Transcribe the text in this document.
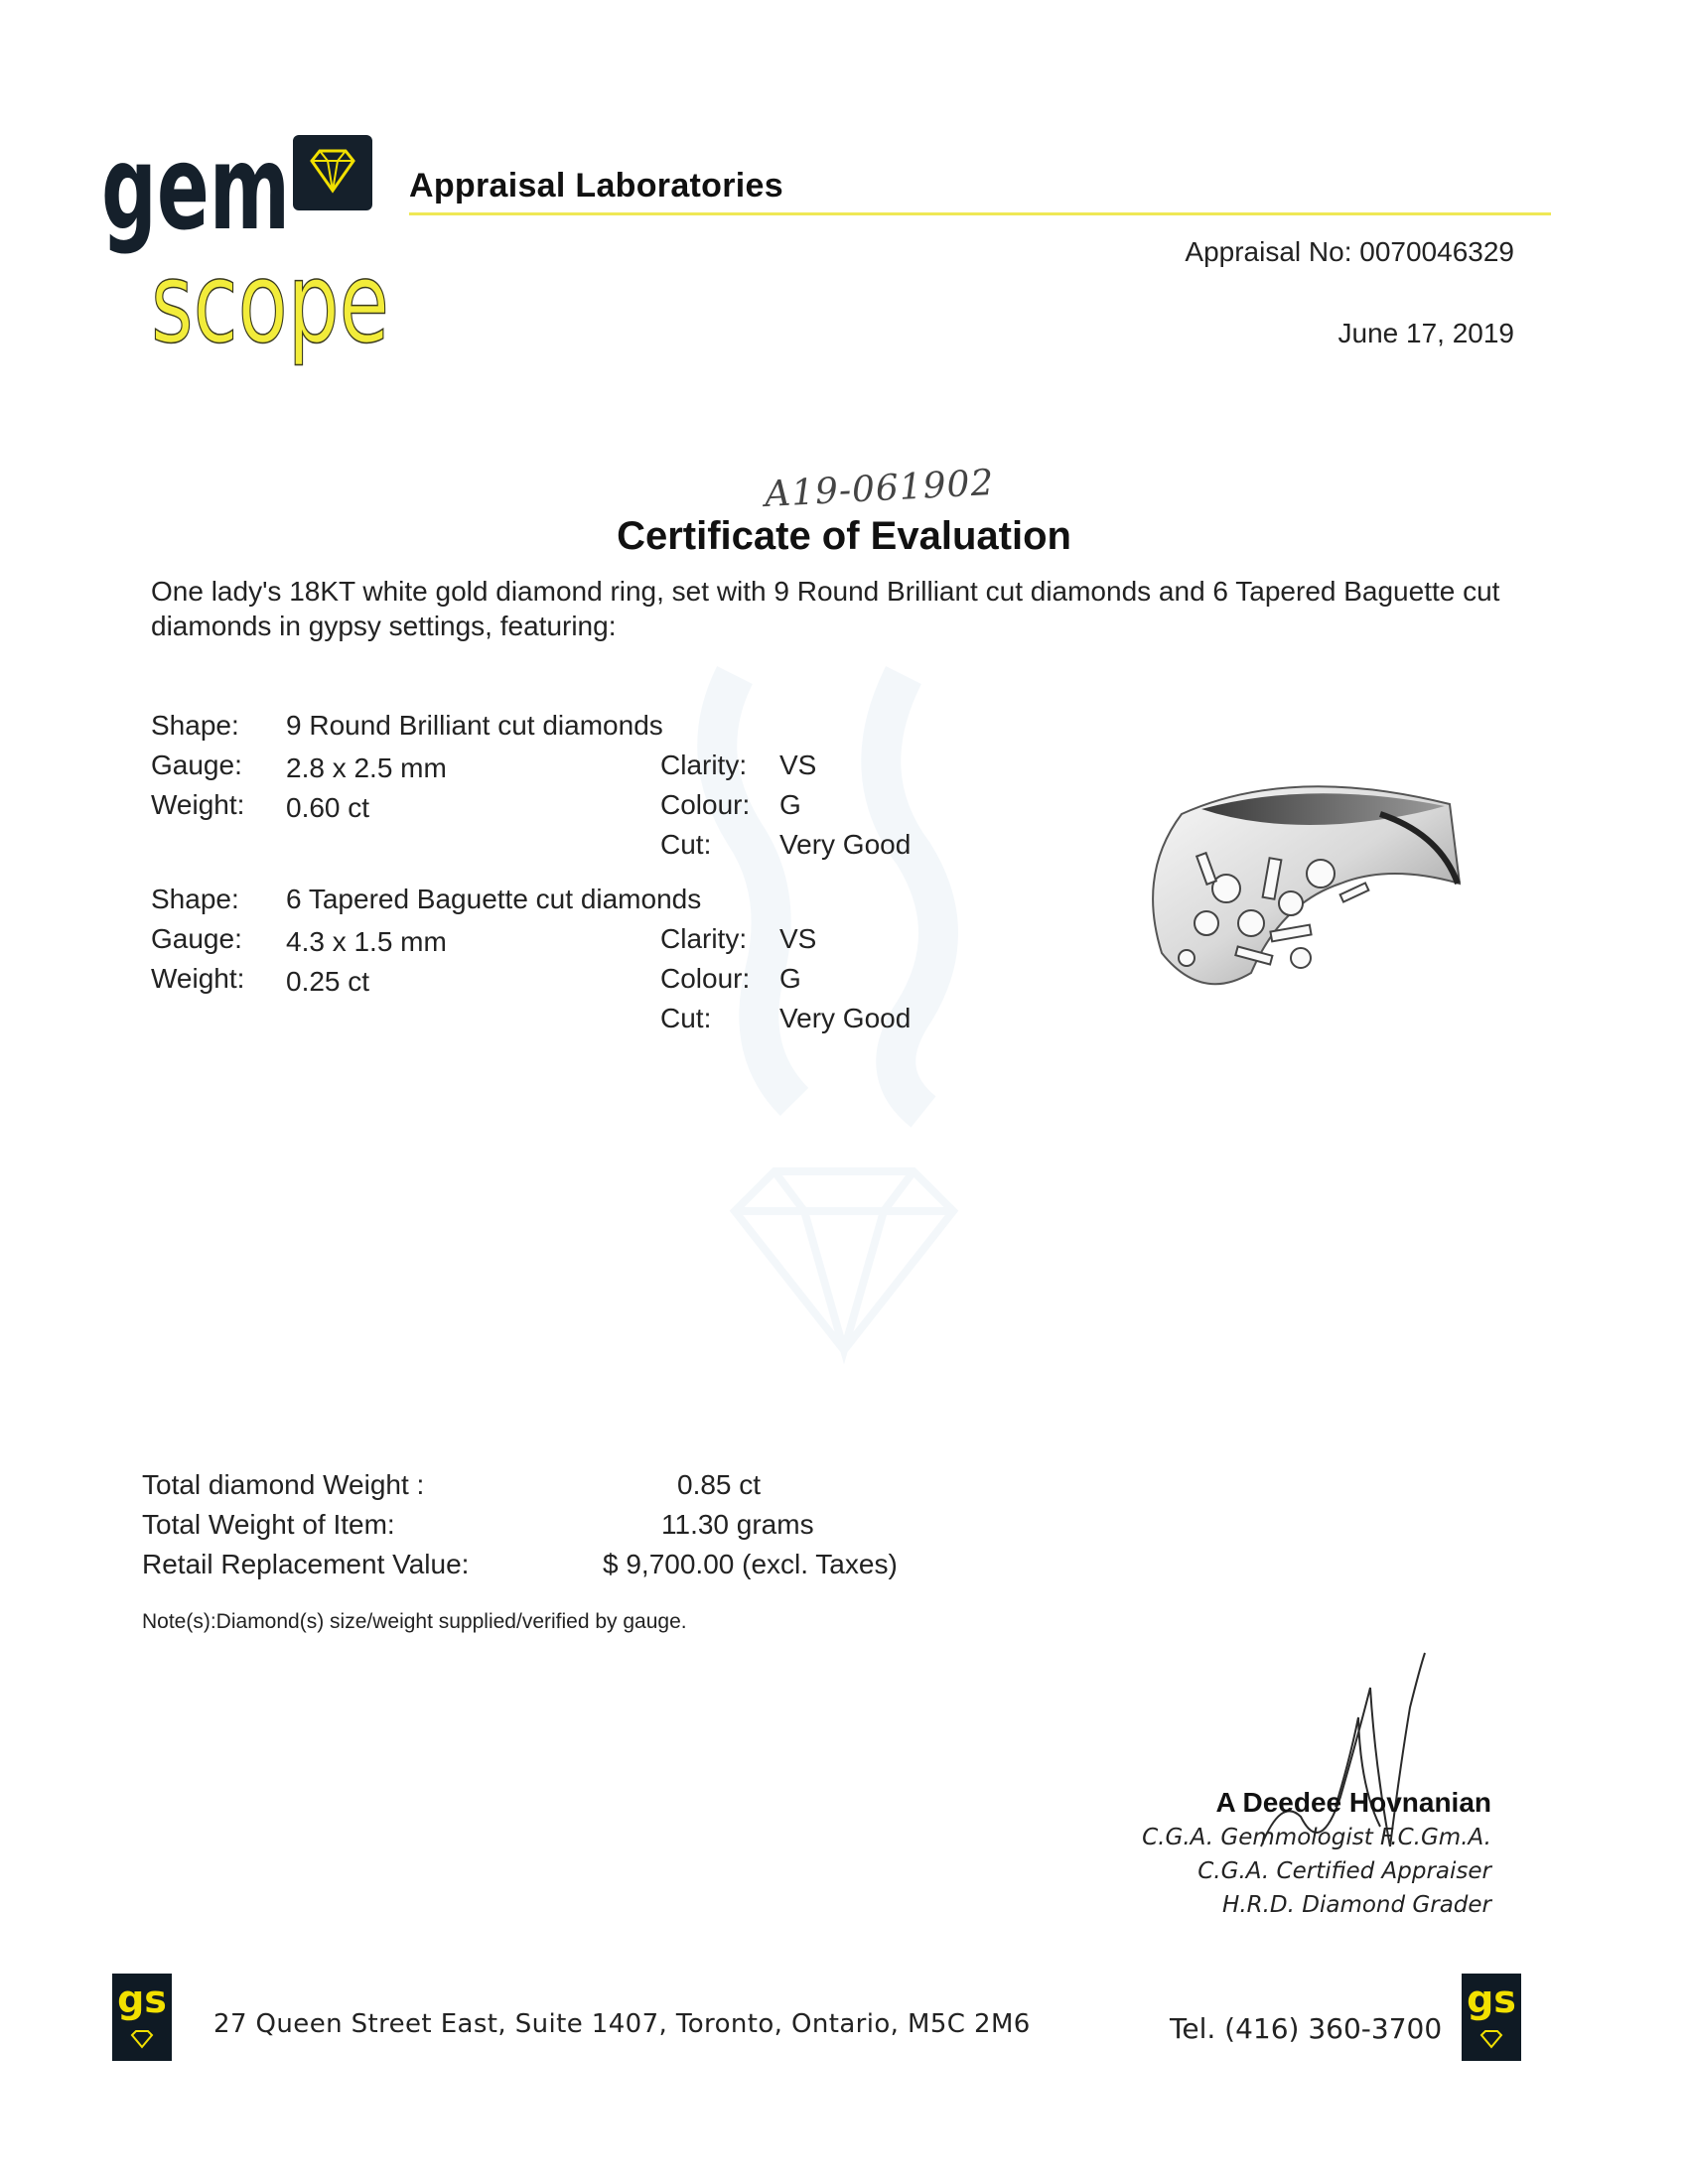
gem
scope
Appraisal Laboratories
Appraisal No: 0070046329
June 17, 2019
A19-061902
Certificate of Evaluation
One lady's 18KT white gold diamond ring, set with 9 Round Brilliant cut diamonds and 6 Tapered Baguette cut diamonds in gypsy settings, featuring:
Shape: 9 Round Brilliant cut diamonds
Gauge: 2.8 x 2.5 mm
Weight: 0.60 ct
Clarity: VS
Colour: G
Cut: Very Good
Shape: 6 Tapered Baguette cut diamonds
Gauge: 4.3 x 1.5 mm
Weight: 0.25 ct
Clarity: VS
Colour: G
Cut: Very Good
Total diamond Weight :	0.85 ct
Total Weight of Item:	11.30 grams
Retail Replacement Value:	$ 9,700.00 (excl. Taxes)
Note(s):Diamond(s) size/weight supplied/verified by gauge.
A Deedee Hovnanian
C.G.A. Gemmologist F.C.Gm.A.
C.G.A. Certified Appraiser
H.R.D. Diamond Grader
gs
27 Queen Street East, Suite 1407, Toronto, Ontario, M5C 2M6	Tel. (416) 360-3700
gs
